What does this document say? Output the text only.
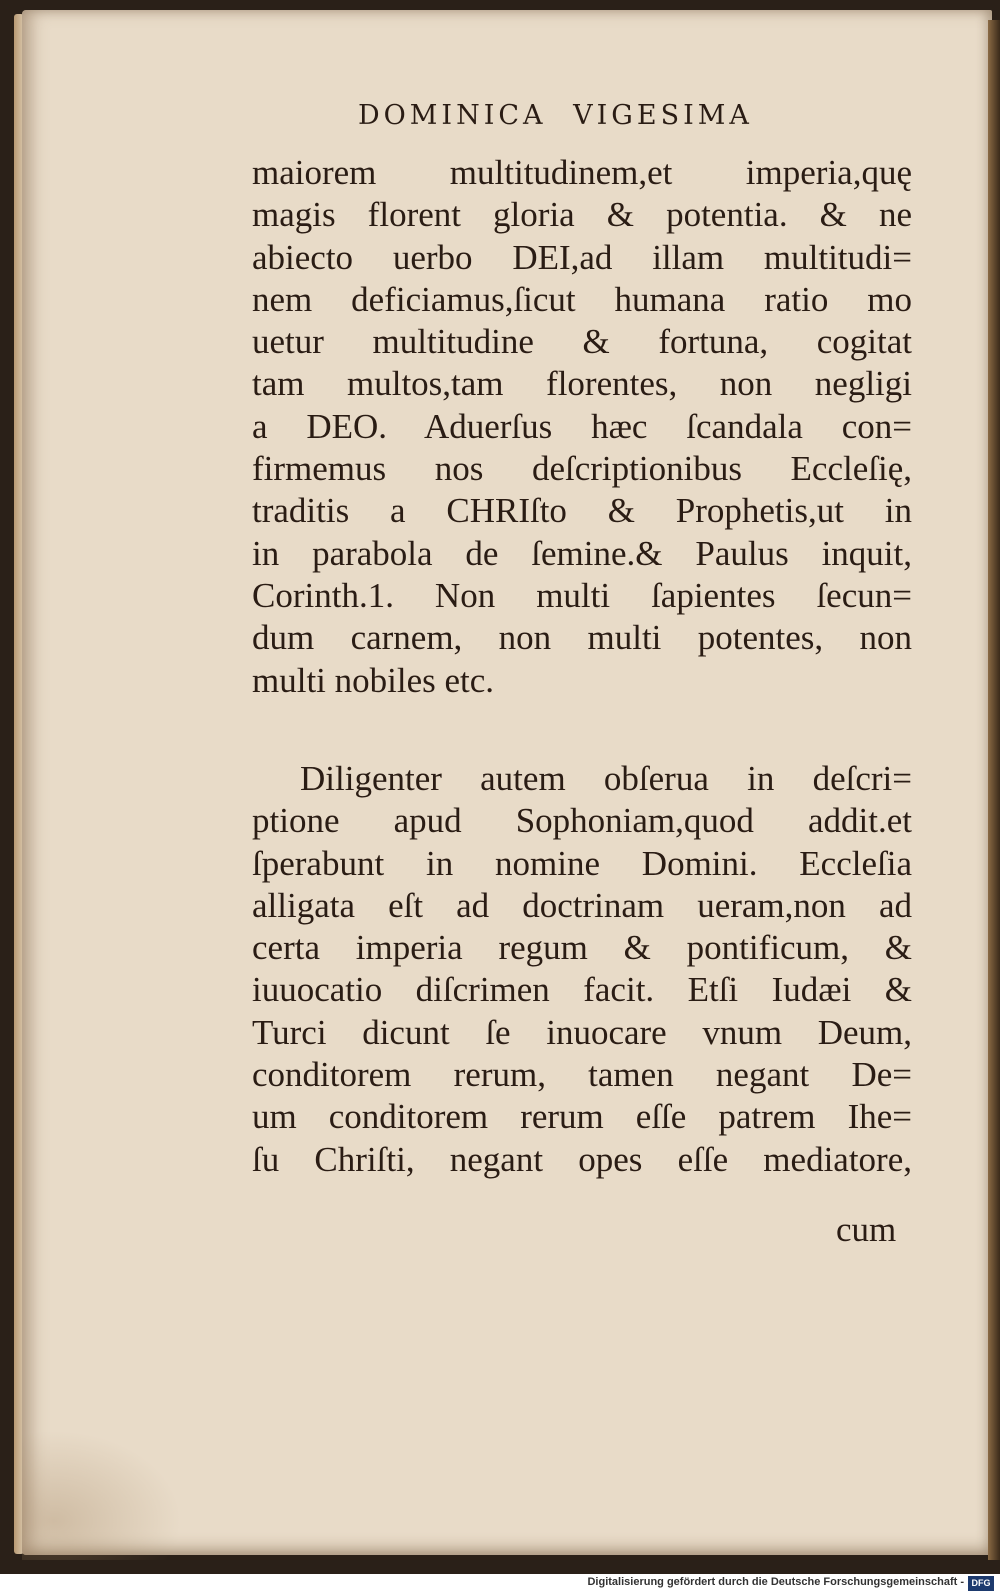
DOMINICA VIGESIMA
maiorem multitudinem,et imperia,quę
magis florent gloria & potentia. & ne
abiecto uerbo DEI,ad illam multitudi=
nem deficiamus,ſicut humana ratio mo
uetur multitudine & fortuna, cogitat
tam multos,tam florentes, non negligi
a DEO. Aduerſus hæc ſcandala con=
firmemus nos deſcriptionibus Eccleſię,
traditis a CHRIſto & Prophetis,ut in
in parabola de ſemine.& Paulus inquit,
Corinth.1. Non multi ſapientes ſecun=
dum carnem, non multi potentes, non
multi nobiles etc.
Diligenter autem obſerua in deſcri=
ptione apud Sophoniam,quod addit.et
ſperabunt in nomine Domini. Eccleſia
alligata eſt ad doctrinam ueram,non ad
certa imperia regum & pontificum, &
iuuocatio diſcrimen facit. Etſi Iudæi &
Turci dicunt ſe inuocare vnum Deum,
conditorem rerum, tamen negant De=
um conditorem rerum eſſe patrem Ihe=
ſu Chriſti, negant opes eſſe mediatore,
cum
Digitalisierung gefördert durch die Deutsche Forschungsgemeinschaft - DFG
